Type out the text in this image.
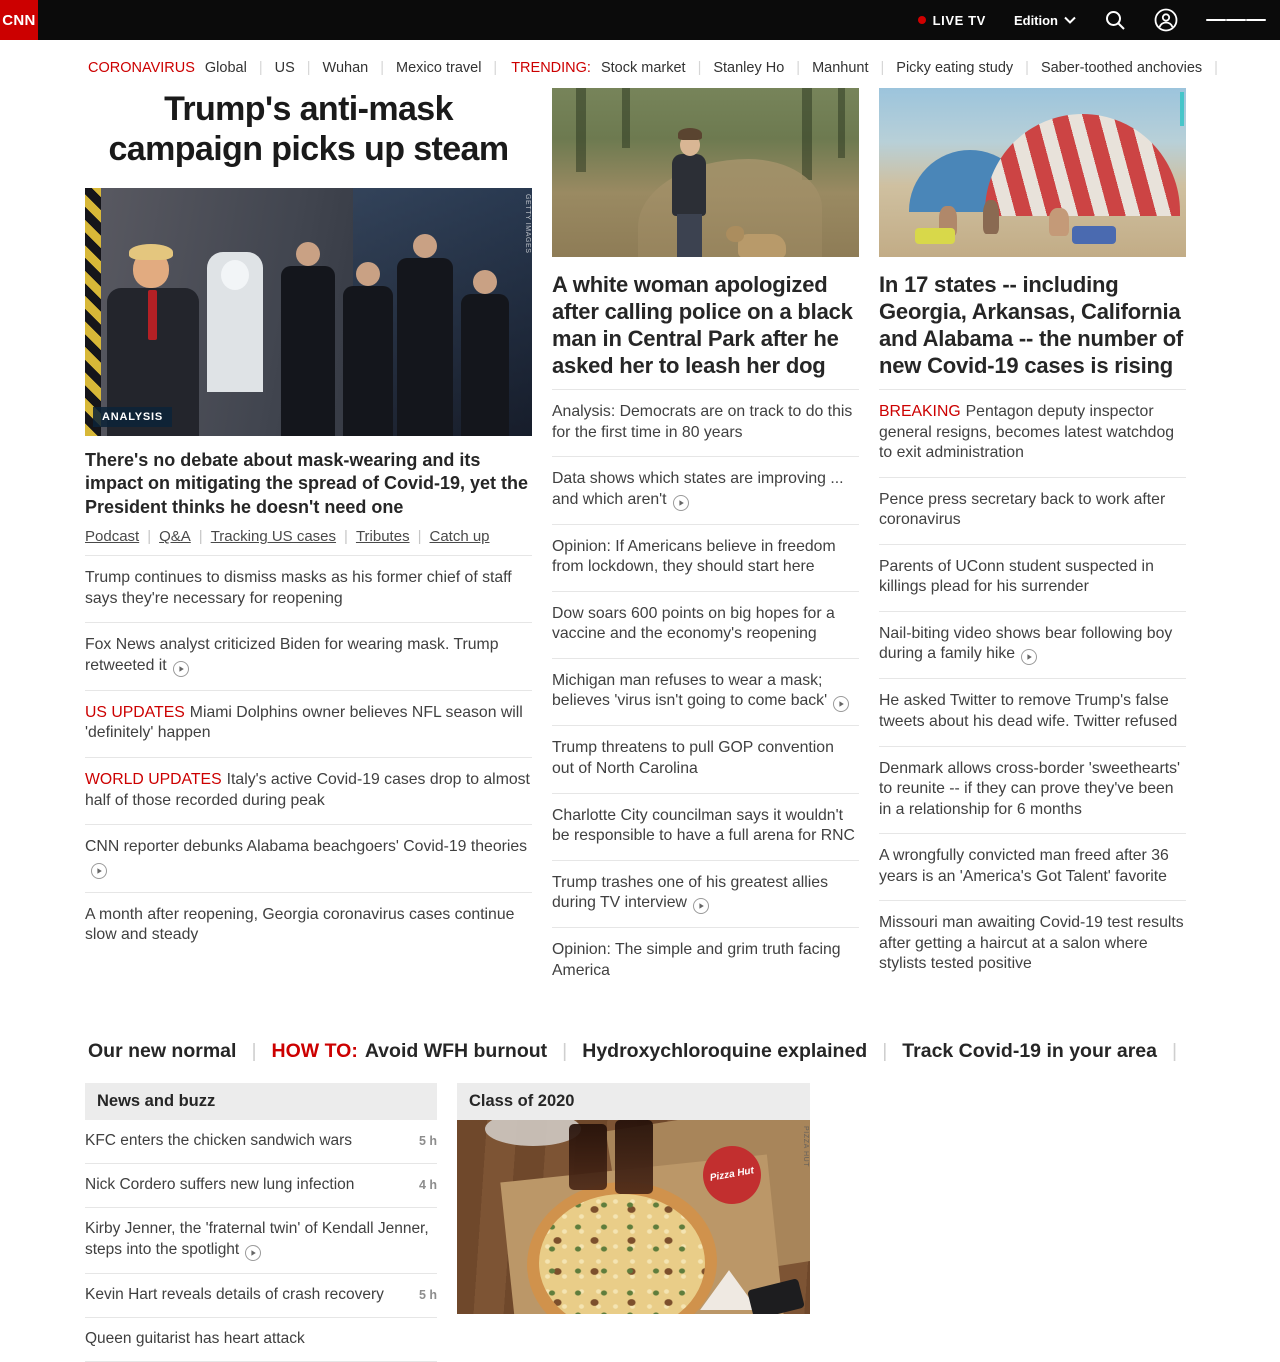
CNN	LIVE TV Edition
CORONAVIRUS Global |	US |	Wuhan |	Mexico travel |	TRENDING: Stock market |	Stanley Ho |	Manhunt |	Picky eating study |	Saber-toothed anchovies |
Trump's anti-mask campaign picks up steam
ANALYSIS
GETTY IMAGES
There's no debate about mask-wearing and its impact on mitigating the spread of Covid-19, yet the President thinks he doesn't need one
Podcast | Q&A | Tracking US cases | Tributes | Catch up
Trump continues to dismiss masks as his former chief of staff says they're necessary for reopening
Fox News analyst criticized Biden for wearing mask. Trump retweeted it
US UPDATES Miami Dolphins owner believes NFL season will 'definitely' happen
WORLD UPDATES Italy's active Covid-19 cases drop to almost half of those recorded during peak
CNN reporter debunks Alabama beachgoers' Covid-19 theories
A month after reopening, Georgia coronavirus cases continue slow and steady
A white woman apologized after calling police on a black man in Central Park after he asked her to leash her dog
Analysis: Democrats are on track to do this for the first time in 80 years
Data shows which states are improving ... and which aren't
Opinion: If Americans believe in freedom from lockdown, they should start here
Dow soars 600 points on big hopes for a vaccine and the economy's reopening
Michigan man refuses to wear a mask; believes 'virus isn't going to come back'
Trump threatens to pull GOP convention out of North Carolina
Charlotte City councilman says it wouldn't be responsible to have a full arena for RNC
Trump trashes one of his greatest allies during TV interview
Opinion: The simple and grim truth facing America
In 17 states -- including Georgia, Arkansas, California and Alabama -- the number of new Covid-19 cases is rising
BREAKING Pentagon deputy inspector general resigns, becomes latest watchdog to exit administration
Pence press secretary back to work after coronavirus
Parents of UConn student suspected in killings plead for his surrender
Nail-biting video shows bear following boy during a family hike
He asked Twitter to remove Trump's false tweets about his dead wife. Twitter refused
Denmark allows cross-border 'sweethearts' to reunite -- if they can prove they've been in a relationship for 6 months
A wrongfully convicted man freed after 36 years is an 'America's Got Talent' favorite
Missouri man awaiting Covid-19 test results after getting a haircut at a salon where stylists tested positive
Our new normal |	HOW TO: Avoid WFH burnout |	Hydroxychloroquine explained |	Track Covid-19 in your area |
News and buzz
KFC enters the chicken sandwich wars	5 h
Nick Cordero suffers new lung infection	4 h
Kirby Jenner, the 'fraternal twin' of Kendall Jenner, steps into the spotlight
Kevin Hart reveals details of crash recovery	5 h
Queen guitarist has heart attack
Class of 2020
Pizza Hut
PIZZA HUT
